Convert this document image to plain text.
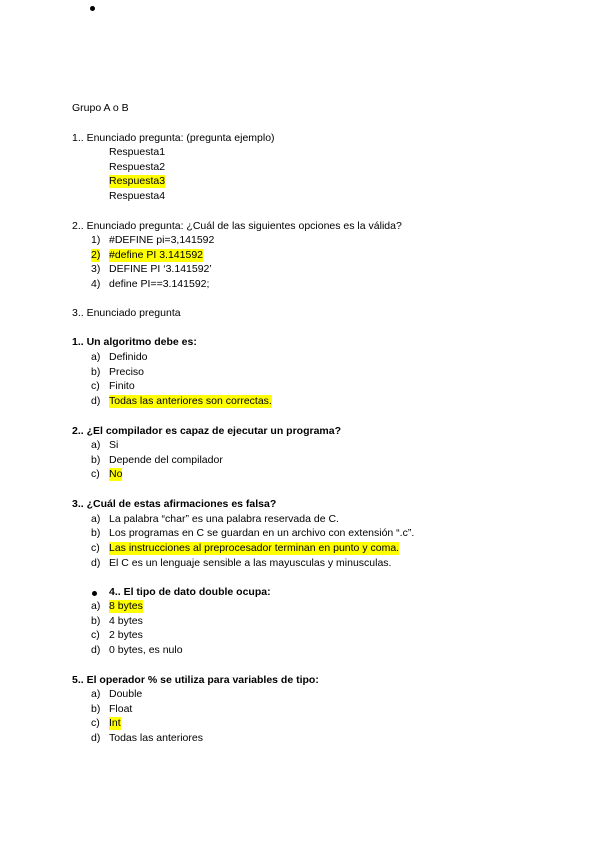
Grupo A o B
1.. Enunciado pregunta: (pregunta ejemplo)
Respuesta1
Respuesta2
Respuesta3
Respuesta4
2.. Enunciado pregunta: ¿Cuál de las siguientes opciones es la válida?
1) #DEFINE pi=3,141592
2) #define PI 3.141592
3) DEFINE PI ‘3.141592’
4) define PI==3.141592;
3.. Enunciado pregunta
1.. Un algoritmo debe es:
a) Definido
b) Preciso
c) Finito
d) Todas las anteriores son correctas.
2.. ¿El compilador es capaz de ejecutar un programa?
a) Si
b) Depende del compilador
c) No
3.. ¿Cuál de estas afirmaciones es falsa?
a) La palabra “char” es una palabra reservada de C.
b) Los programas en C se guardan en un archivo con extensión “.c”.
c) Las instrucciones al preprocesador terminan en punto y coma.
d) El C es un lenguaje sensible a las mayusculas y minusculas.
4.. El tipo de dato double ocupa:
a) 8 bytes
b) 4 bytes
c) 2 bytes
d) 0 bytes, es nulo
5.. El operador % se utiliza para variables de tipo:
a) Double
b) Float
c) Int
d) Todas las anteriores
